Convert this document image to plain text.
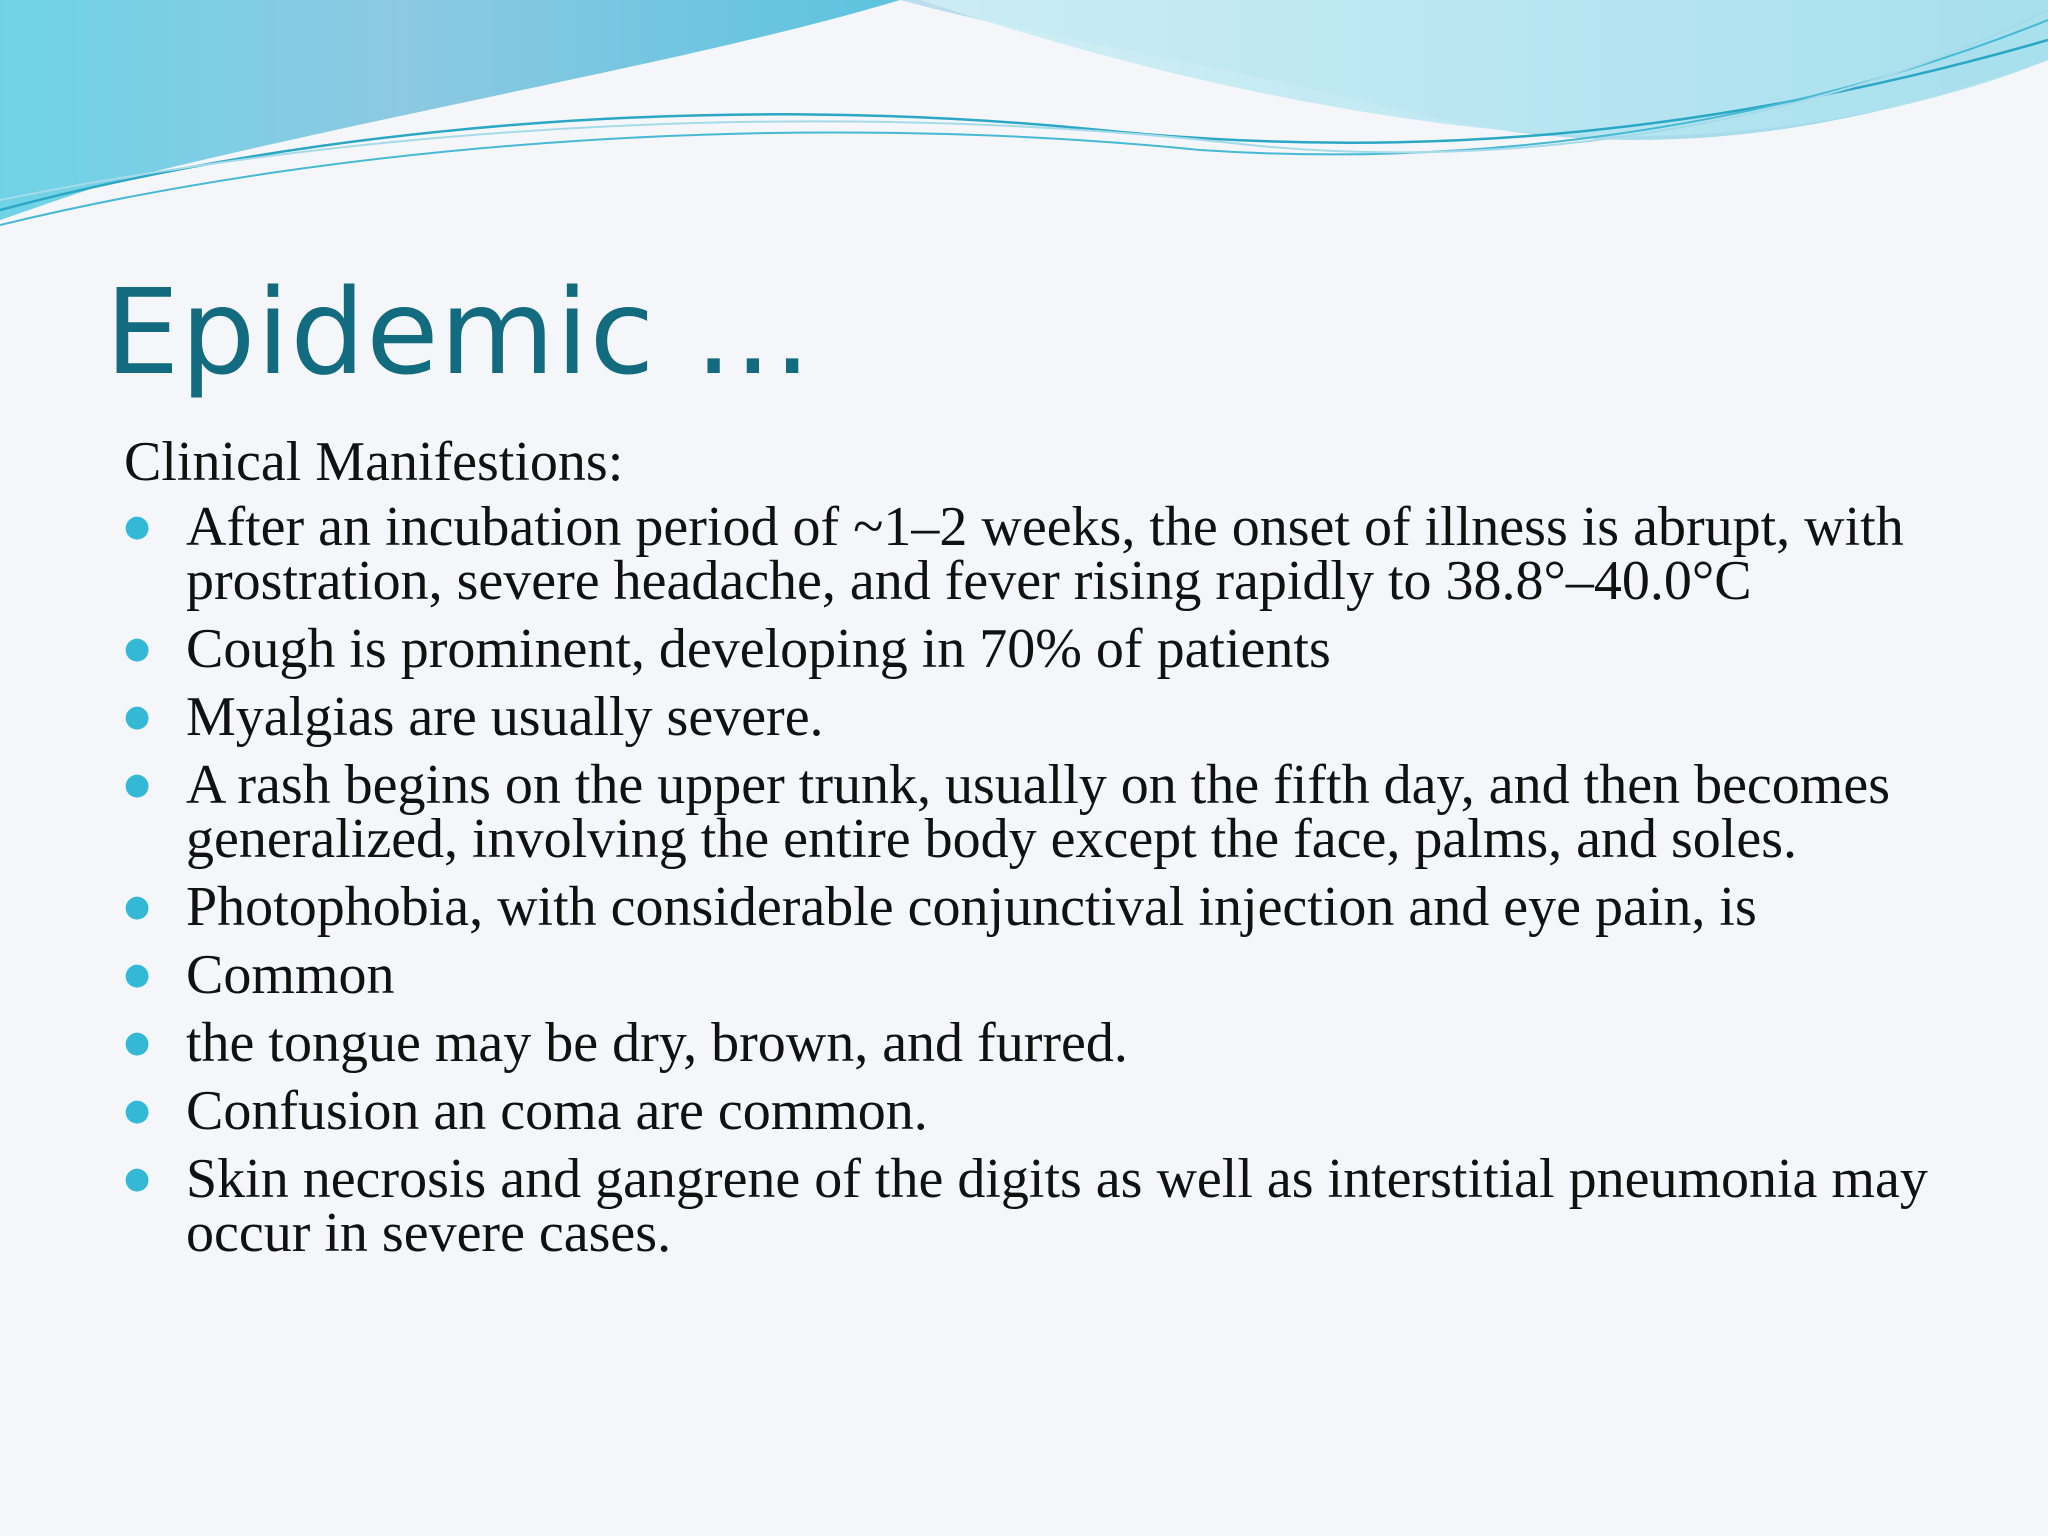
Epidemic …

Clinical Manifestions:

● After an incubation period of ~1–2 weeks, the onset of illness is abrupt, with prostration, severe headache, and fever rising rapidly to 38.8°–40.0°C
● Cough is prominent, developing in 70% of patients
● Myalgias are usually severe.
● A rash begins on the upper trunk, usually on the fifth day, and then becomes generalized, involving the entire body except the face, palms, and soles.
● Photophobia, with considerable conjunctival injection and eye pain, is
● Common
● the tongue may be dry, brown, and furred.
● Confusion an coma are common.
● Skin necrosis and gangrene of the digits as well as interstitial pneumonia may occur in severe cases.
